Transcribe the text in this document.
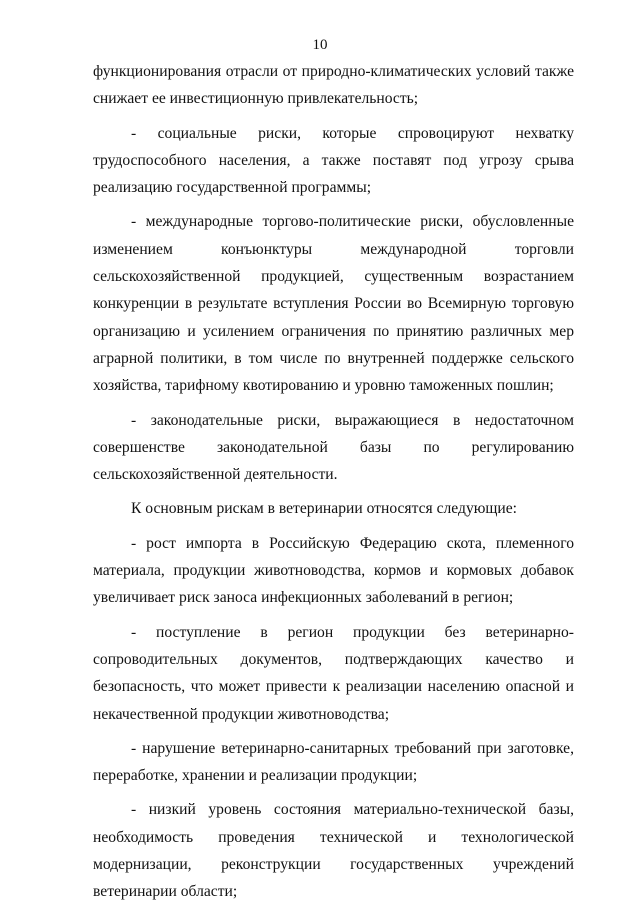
10

функционирования отрасли от природно-климатических условий также снижает ее инвестиционную привлекательность;

- социальные риски, которые спровоцируют нехватку трудоспособного населения, а также поставят под угрозу срыва реализацию государственной программы;

- международные торгово-политические риски, обусловленные изменением конъюнктуры международной торговли сельскохозяйственной продукцией, существенным возрастанием конкуренции в результате вступления России во Всемирную торговую организацию и усилением ограничения по принятию различных мер аграрной политики, в том числе по внутренней поддержке сельского хозяйства, тарифному квотированию и уровню таможенных пошлин;

- законодательные риски, выражающиеся в недостаточном совершенстве законодательной базы по регулированию сельскохозяйственной деятельности.

К основным рискам в ветеринарии относятся следующие:

- рост импорта в Российскую Федерацию скота, племенного материала, продукции животноводства, кормов и кормовых добавок увеличивает риск заноса инфекционных заболеваний в регион;

- поступление в регион продукции без ветеринарно-сопроводительных документов, подтверждающих качество и безопасность, что может привести к реализации населению опасной и некачественной продукции животноводства;

- нарушение ветеринарно-санитарных требований при заготовке, переработке, хранении и реализации продукции;

- низкий уровень состояния материально-технической базы, необходимость проведения технической и технологической модернизации, реконструкции государственных учреждений ветеринарии области;
